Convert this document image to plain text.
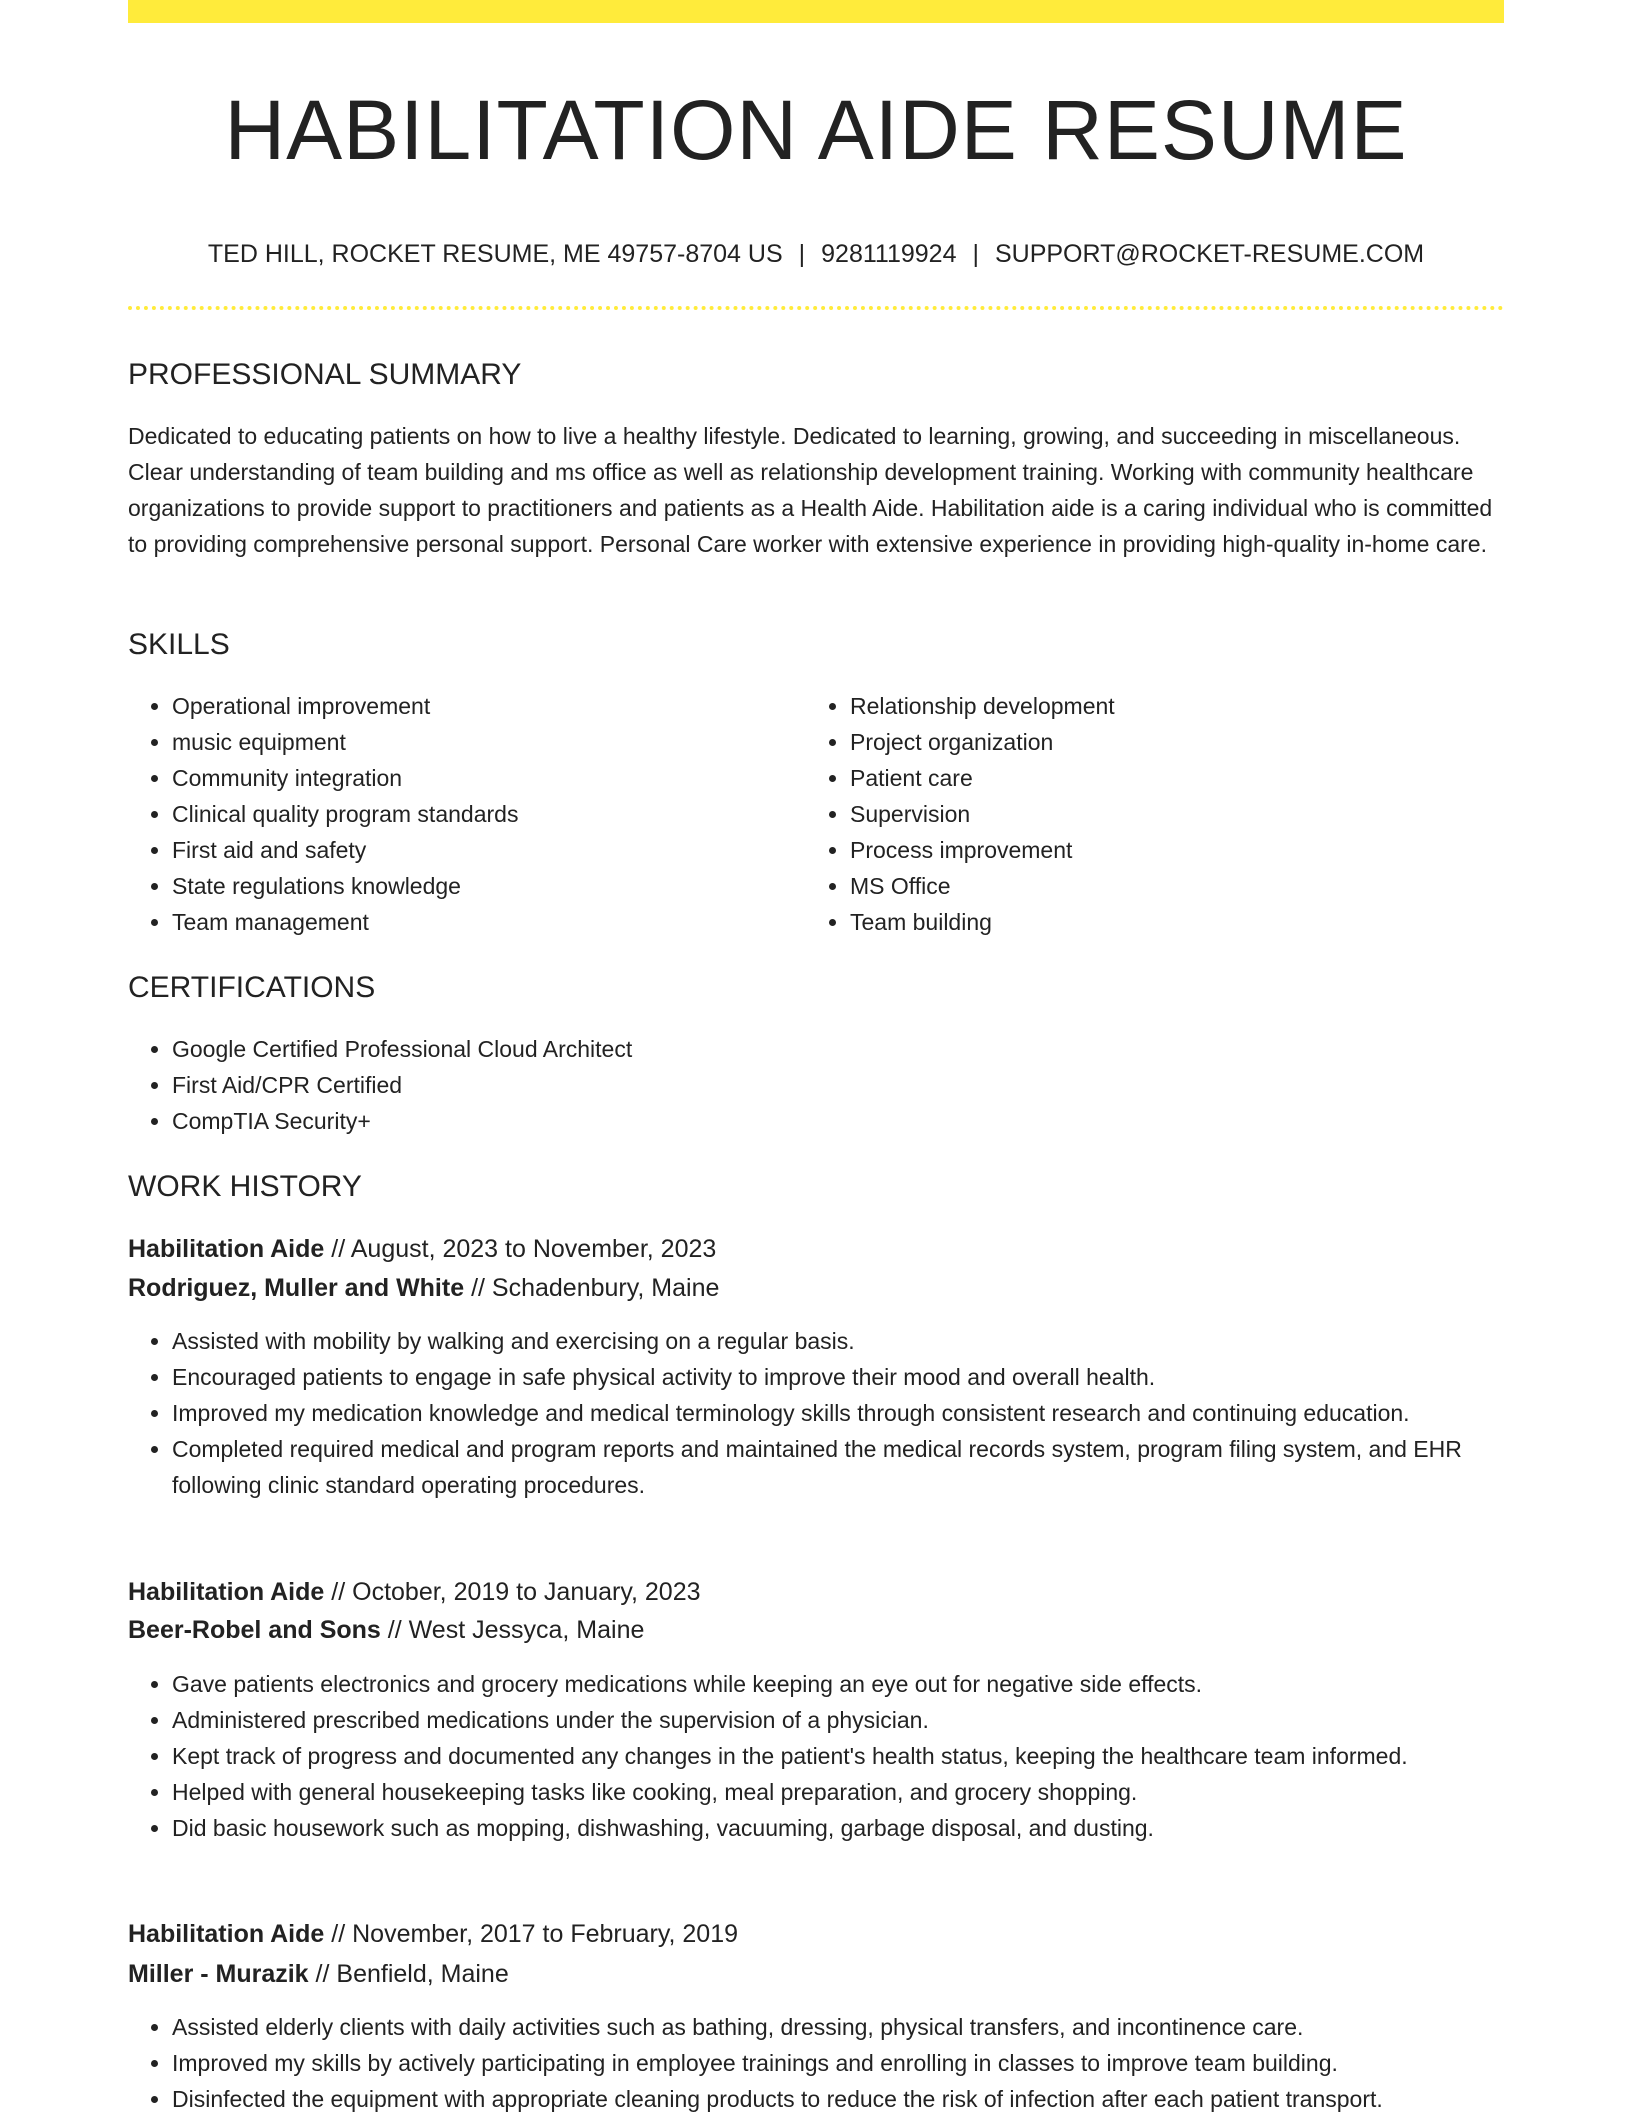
HABILITATION AIDE RESUME
TED HILL, ROCKET RESUME, ME 49757-8704 US | 9281119924 | SUPPORT@ROCKET-RESUME.COM
PROFESSIONAL SUMMARY

Dedicated to educating patients on how to live a healthy lifestyle. Dedicated to learning, growing, and succeeding in miscellaneous. Clear understanding of team building and ms office as well as relationship development training. Working with community healthcare organizations to provide support to practitioners and patients as a Health Aide. Habilitation aide is a caring individual who is committed to providing comprehensive personal support. Personal Care worker with extensive experience in providing high-quality in-home care.

SKILLS
• Operational improvement
• music equipment
• Community integration
• Clinical quality program standards
• First aid and safety
• State regulations knowledge
• Team management
• Relationship development
• Project organization
• Patient care
• Supervision
• Process improvement
• MS Office
• Team building
CERTIFICATIONS
• Google Certified Professional Cloud Architect
• First Aid/CPR Certified
• CompTIA Security+
WORK HISTORY
Habilitation Aide // August, 2023 to November, 2023
Rodriguez, Muller and White // Schadenbury, Maine
• Assisted with mobility by walking and exercising on a regular basis.
• Encouraged patients to engage in safe physical activity to improve their mood and overall health.
• Improved my medication knowledge and medical terminology skills through consistent research and continuing education.
• Completed required medical and program reports and maintained the medical records system, program filing system, and EHR following clinic standard operating procedures.
Habilitation Aide // October, 2019 to January, 2023
Beer-Robel and Sons // West Jessyca, Maine
• Gave patients electronics and grocery medications while keeping an eye out for negative side effects.
• Administered prescribed medications under the supervision of a physician.
• Kept track of progress and documented any changes in the patient's health status, keeping the healthcare team informed.
• Helped with general housekeeping tasks like cooking, meal preparation, and grocery shopping.
• Did basic housework such as mopping, dishwashing, vacuuming, garbage disposal, and dusting.
Habilitation Aide // November, 2017 to February, 2019
Miller - Murazik // Benfield, Maine
• Assisted elderly clients with daily activities such as bathing, dressing, physical transfers, and incontinence care.
• Improved my skills by actively participating in employee trainings and enrolling in classes to improve team building.
• Disinfected the equipment with appropriate cleaning products to reduce the risk of infection after each patient transport.
